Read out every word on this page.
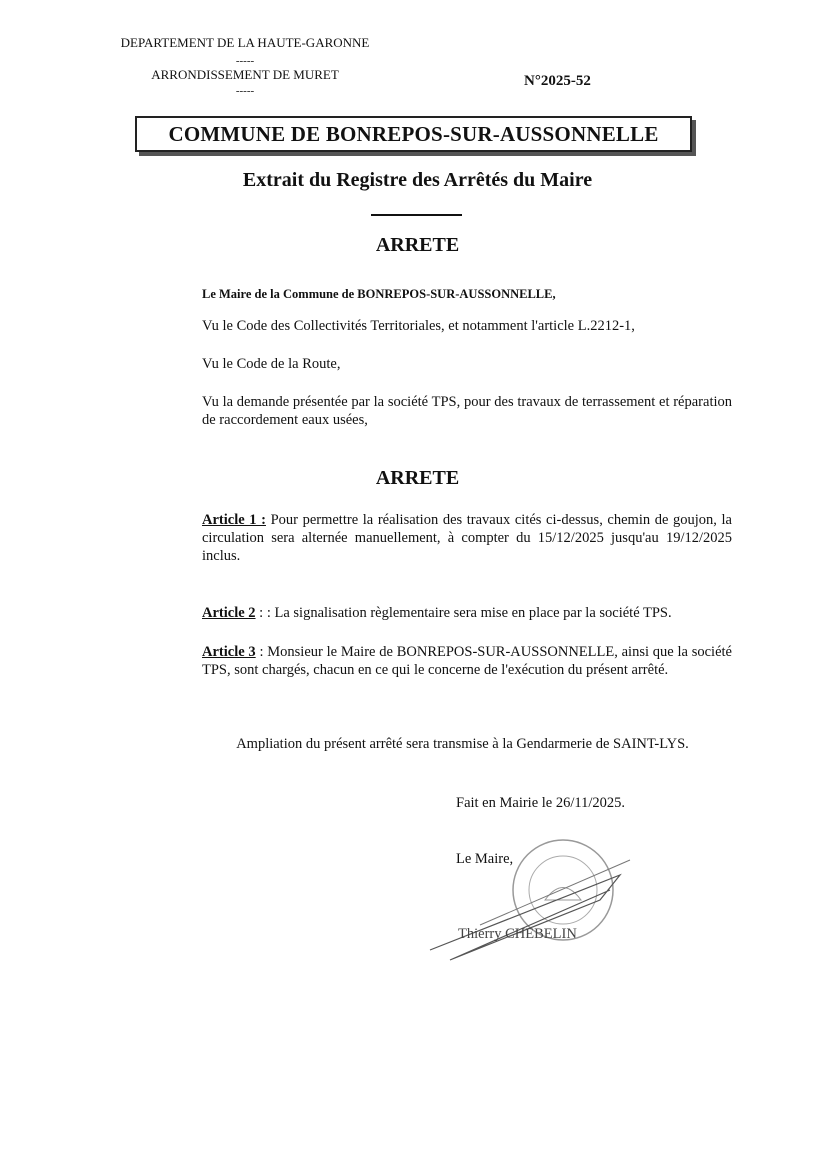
DEPARTEMENT DE LA HAUTE-GARONNE
-----
ARRONDISSEMENT DE MURET
-----
N°2025-52
COMMUNE DE BONREPOS-SUR-AUSSONNELLE
Extrait du Registre des Arrêtés du Maire
ARRETE
Le Maire de la Commune de BONREPOS-SUR-AUSSONNELLE,
Vu le Code des Collectivités Territoriales, et notamment l'article L.2212-1,
Vu le Code de la Route,
Vu la demande présentée par la société TPS, pour des travaux de terrassement et réparation de raccordement eaux usées,
ARRETE
Article 1 : Pour permettre la réalisation des travaux cités ci-dessus, chemin de goujon, la circulation sera alternée manuellement, à compter du 15/12/2025 jusqu'au 19/12/2025 inclus.
Article 2 : : La signalisation règlementaire sera mise en place par la société TPS.
Article 3 : Monsieur le Maire de BONREPOS-SUR-AUSSONNELLE, ainsi que la société TPS, sont chargés, chacun en ce qui le concerne de l'exécution du présent arrêté.
Ampliation du présent arrêté sera transmise à la Gendarmerie de SAINT-LYS.
Fait en Mairie le 26/11/2025.
Le Maire,
Thierry CHEBELIN
